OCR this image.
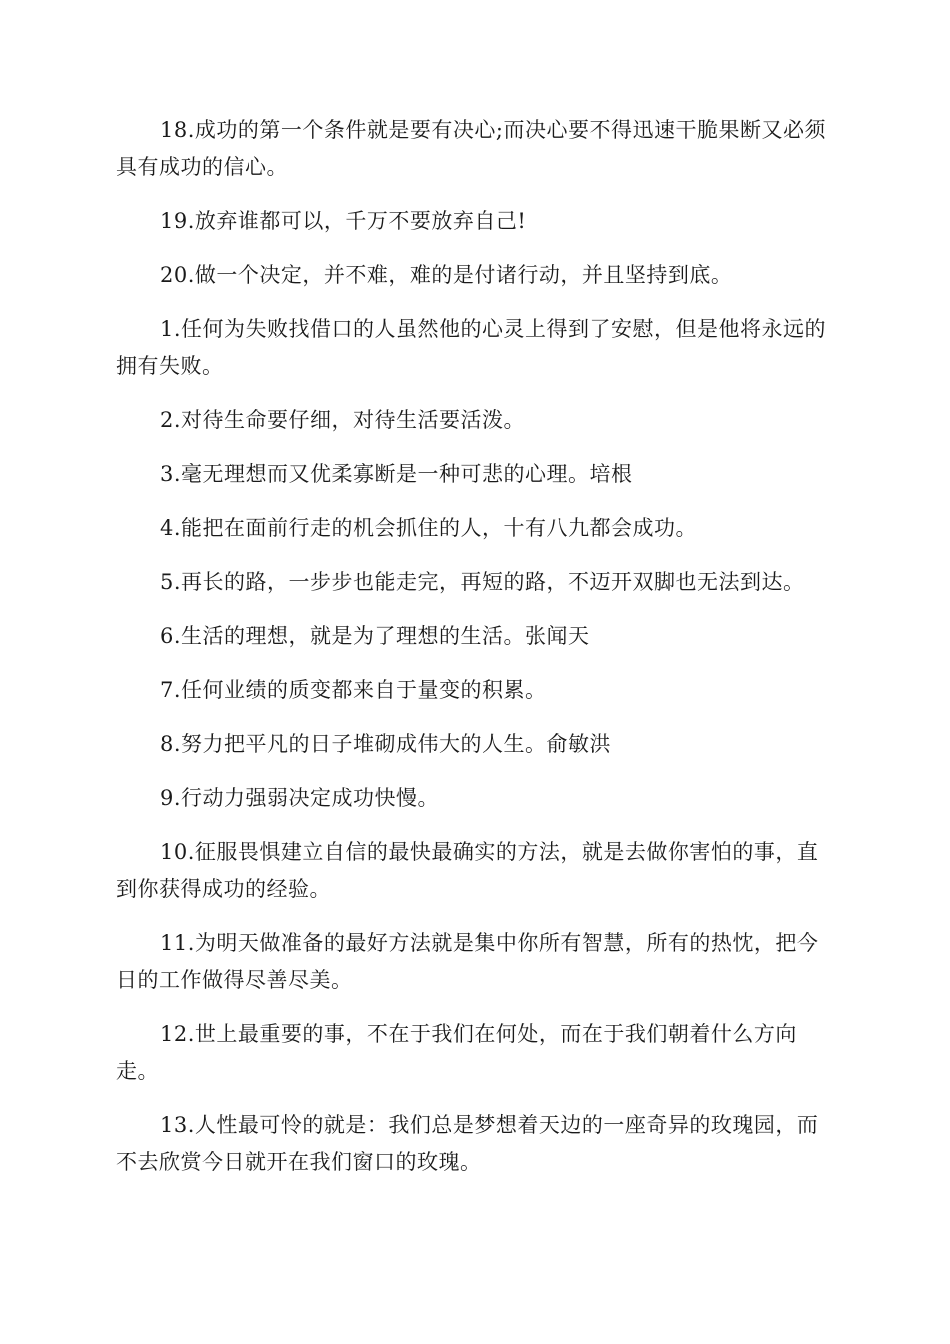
18.成功的第一个条件就是要有决心;而决心要不得迅速干脆果断又必须具有成功的信心。

19.放弃谁都可以，千万不要放弃自己!

20.做一个决定，并不难，难的是付诸行动，并且坚持到底。

1.任何为失败找借口的人虽然他的心灵上得到了安慰，但是他将永远的拥有失败。

2.对待生命要仔细，对待生活要活泼。

3.毫无理想而又优柔寡断是一种可悲的心理。培根

4.能把在面前行走的机会抓住的人，十有八九都会成功。

5.再长的路，一步步也能走完，再短的路，不迈开双脚也无法到达。

6.生活的理想，就是为了理想的生活。张闻天

7.任何业绩的质变都来自于量变的积累。

8.努力把平凡的日子堆砌成伟大的人生。俞敏洪

9.行动力强弱决定成功快慢。

10.征服畏惧建立自信的最快最确实的方法，就是去做你害怕的事，直到你获得成功的经验。

11.为明天做准备的最好方法就是集中你所有智慧，所有的热忱，把今日的工作做得尽善尽美。

12.世上最重要的事，不在于我们在何处，而在于我们朝着什么方向走。

13.人性最可怜的就是：我们总是梦想着天边的一座奇异的玫瑰园，而不去欣赏今日就开在我们窗口的玫瑰。
